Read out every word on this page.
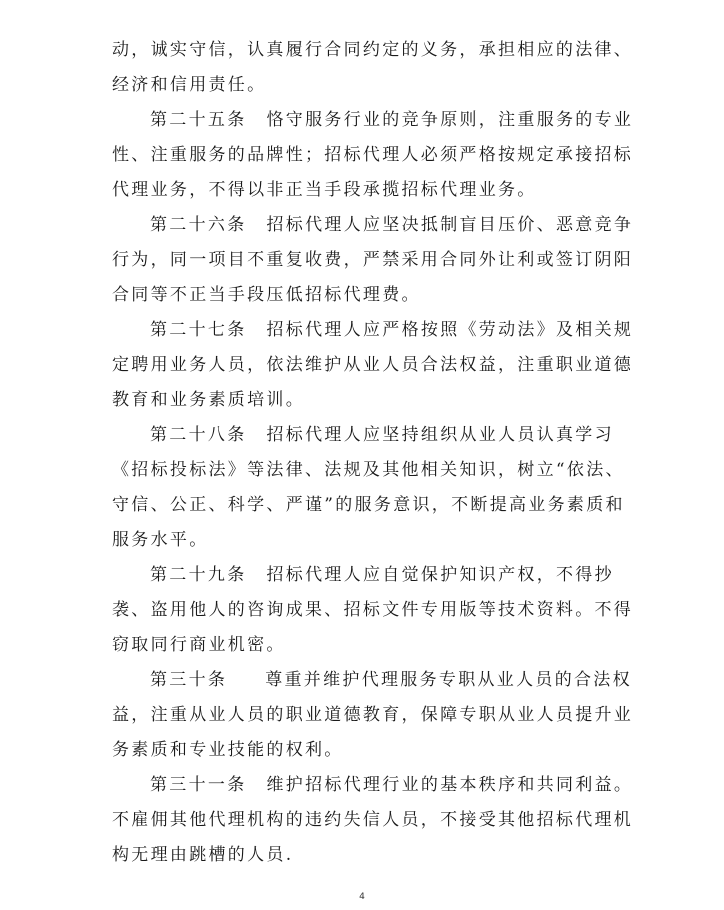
动，诚实守信，认真履行合同约定的义务，承担相应的法律、
经济和信用责任。
第二十五条 恪守服务行业的竞争原则，注重服务的专业
性、注重服务的品牌性；招标代理人必须严格按规定承接招标
代理业务，不得以非正当手段承揽招标代理业务。
第二十六条 招标代理人应坚决抵制盲目压价、恶意竞争
行为，同一项目不重复收费，严禁采用合同外让利或签订阴阳
合同等不正当手段压低招标代理费。
第二十七条 招标代理人应严格按照《劳动法》及相关规
定聘用业务人员，依法维护从业人员合法权益，注重职业道德
教育和业务素质培训。
第二十八条 招标代理人应坚持组织从业人员认真学习
《招标投标法》等法律、法规及其他相关知识，树立“依法、
守信、公正、科学、严谨”的服务意识，不断提高业务素质和
服务水平。
第二十九条 招标代理人应自觉保护知识产权，不得抄
袭、盗用他人的咨询成果、招标文件专用版等技术资料。不得
窃取同行商业机密。
第三十条 尊重并维护代理服务专职从业人员的合法权
益，注重从业人员的职业道德教育，保障专职从业人员提升业
务素质和专业技能的权利。
第三十一条 维护招标代理行业的基本秩序和共同利益。
不雇佣其他代理机构的违约失信人员，不接受其他招标代理机
构无理由跳槽的人员.
4
